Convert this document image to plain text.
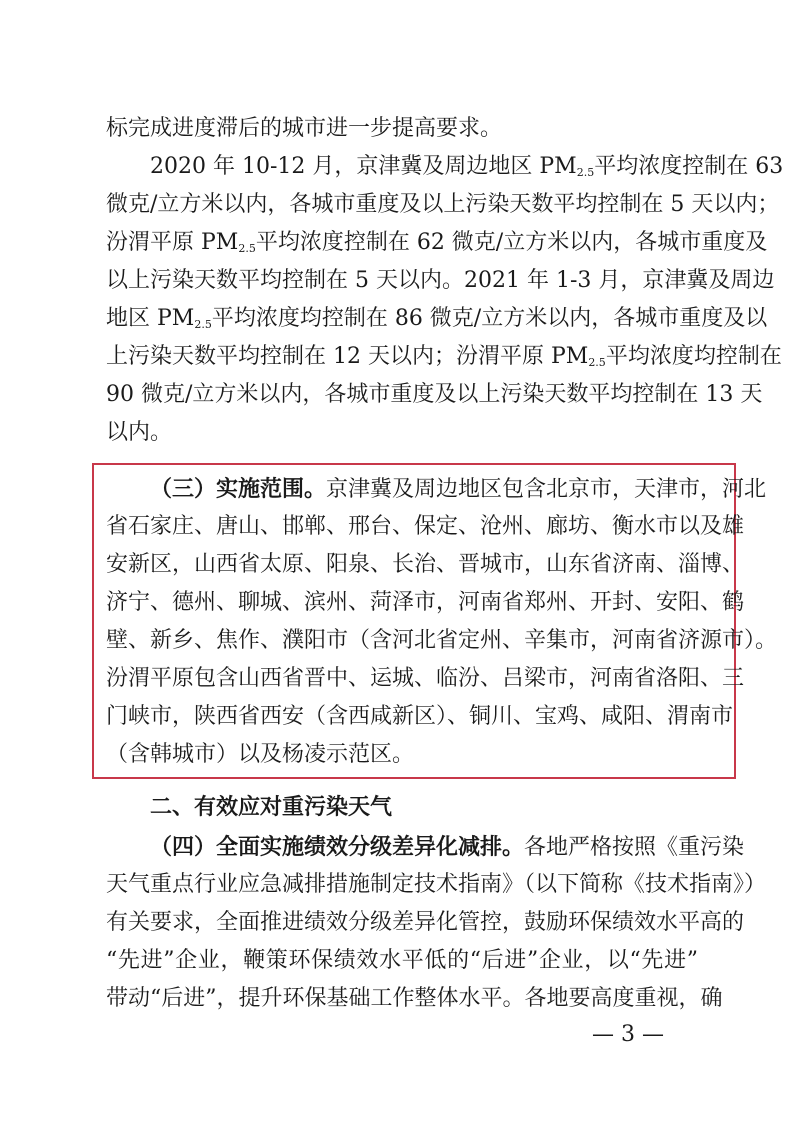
标完成进度滞后的城市进一步提高要求。
2020 年 10-12 月，京津冀及周边地区 $PM_{2.5}$平均浓度控制在 63
微克/立方米以内，各城市重度及以上污染天数平均控制在 5 天以内；
汾渭平原 $PM_{2.5}$平均浓度控制在 62 微克/立方米以内，各城市重度及
以上污染天数平均控制在 5 天以内。2021 年 1-3 月，京津冀及周边
地区 $PM_{2.5}$平均浓度均控制在 86 微克/立方米以内，各城市重度及以
上污染天数平均控制在 12 天以内；汾渭平原 $PM_{2.5}$平均浓度均控制在
90 微克/立方米以内，各城市重度及以上污染天数平均控制在 13 天
以内。
（三）实施范围。京津冀及周边地区包含北京市，天津市，河北
省石家庄、唐山、邯郸、邢台、保定、沧州、廊坊、衡水市以及雄
安新区，山西省太原、阳泉、长治、晋城市，山东省济南、淄博、
济宁、德州、聊城、滨州、菏泽市，河南省郑州、开封、安阳、鹤
壁、新乡、焦作、濮阳市（含河北省定州、辛集市，河南省济源市）。
汾渭平原包含山西省晋中、运城、临汾、吕梁市，河南省洛阳、三
门峡市，陕西省西安（含西咸新区）、铜川、宝鸡、咸阳、渭南市
（含韩城市）以及杨凌示范区。
二、有效应对重污染天气
（四）全面实施绩效分级差异化减排。各地严格按照《重污染
天气重点行业应急减排措施制定技术指南》（以下简称《技术指南》）
有关要求，全面推进绩效分级差异化管控，鼓励环保绩效水平高的
“先进”企业，鞭策环保绩效水平低的“后进”企业，以“先进”
带动“后进”，提升环保基础工作整体水平。各地要高度重视，确
— 3 —
